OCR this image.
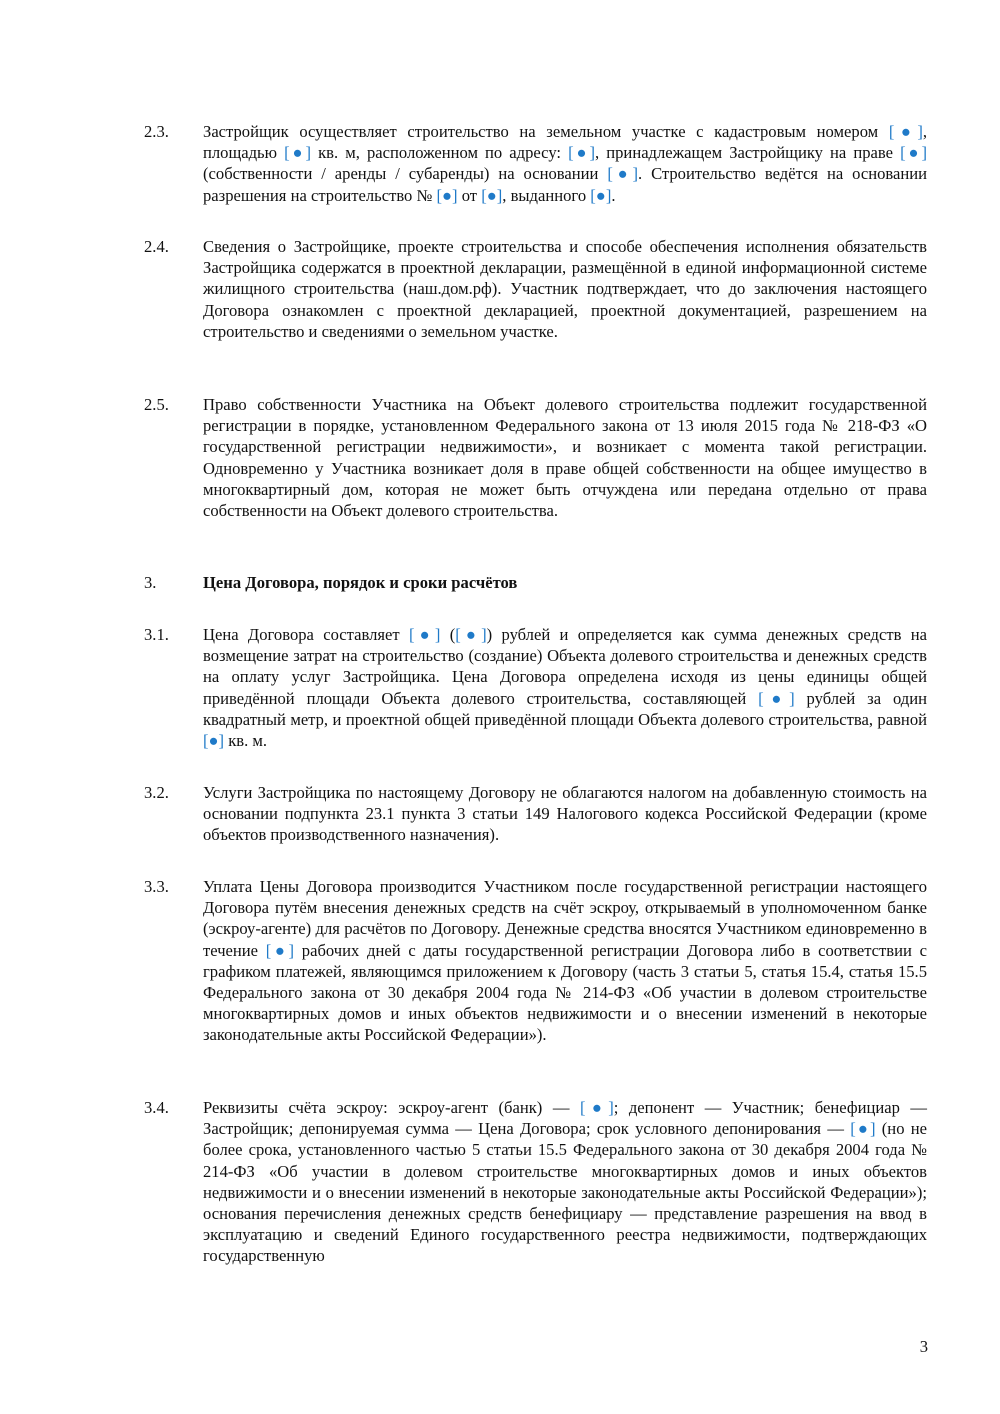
2.3. Застройщик осуществляет строительство на земельном участке с кадастровым номером [●], площадью [●] кв. м, расположенном по адресу: [●], принадлежащем Застройщику на праве [●] (собственности / аренды / субаренды) на основании [●]. Строительство ведётся на основании разрешения на строительство № [●] от [●], выданного [●].
2.4. Сведения о Застройщике, проекте строительства и способе обеспечения исполнения обязательств Застройщика содержатся в проектной декларации, размещённой в единой информационной системе жилищного строительства (наш.дом.рф). Участник подтверждает, что до заключения настоящего Договора ознакомлен с проектной декларацией, проектной документацией, разрешением на строительство и сведениями о земельном участке.
2.5. Право собственности Участника на Объект долевого строительства подлежит государственной регистрации в порядке, установленном Федерального закона от 13 июля 2015 года № 218-ФЗ «О государственной регистрации недвижимости», и возникает с момента такой регистрации. Одновременно у Участника возникает доля в праве общей собственности на общее имущество в многоквартирный дом, которая не может быть отчуждена или передана отдельно от права собственности на Объект долевого строительства.
3.	Цена Договора, порядок и сроки расчётов
3.1. Цена Договора составляет [●] ([●]) рублей и определяется как сумма денежных средств на возмещение затрат на строительство (создание) Объекта долевого строительства и денежных средств на оплату услуг Застройщика. Цена Договора определена исходя из цены единицы общей приведённой площади Объекта долевого строительства, составляющей [●] рублей за один квадратный метр, и проектной общей приведённой площади Объекта долевого строительства, равной [●] кв. м.
3.2. Услуги Застройщика по настоящему Договору не облагаются налогом на добавленную стоимость на основании подпункта 23.1 пункта 3 статьи 149 Налогового кодекса Российской Федерации (кроме объектов производственного назначения).
3.3. Уплата Цены Договора производится Участником после государственной регистрации настоящего Договора путём внесения денежных средств на счёт эскроу, открываемый в уполномоченном банке (эскроу-агенте) для расчётов по Договору. Денежные средства вносятся Участником единовременно в течение [●] рабочих дней с даты государственной регистрации Договора либо в соответствии с графиком платежей, являющимся приложением к Договору (часть 3 статьи 5, статья 15.4, статья 15.5 Федерального закона от 30 декабря 2004 года № 214-ФЗ «Об участии в долевом строительстве многоквартирных домов и иных объектов недвижимости и о внесении изменений в некоторые законодательные акты Российской Федерации»).
3.4. Реквизиты счёта эскроу: эскроу-агент (банк) — [●]; депонент — Участник; бенефициар — Застройщик; депонируемая сумма — Цена Договора; срок условного депонирования — [●] (но не более срока, установленного частью 5 статьи 15.5 Федерального закона от 30 декабря 2004 года № 214-ФЗ «Об участии в долевом строительстве многоквартирных домов и иных объектов недвижимости и о внесении изменений в некоторые законодательные акты Российской Федерации»); основания перечисления денежных средств бенефициару — представление разрешения на ввод в эксплуатацию и сведений Единого государственного реестра недвижимости, подтверждающих государственную
3
